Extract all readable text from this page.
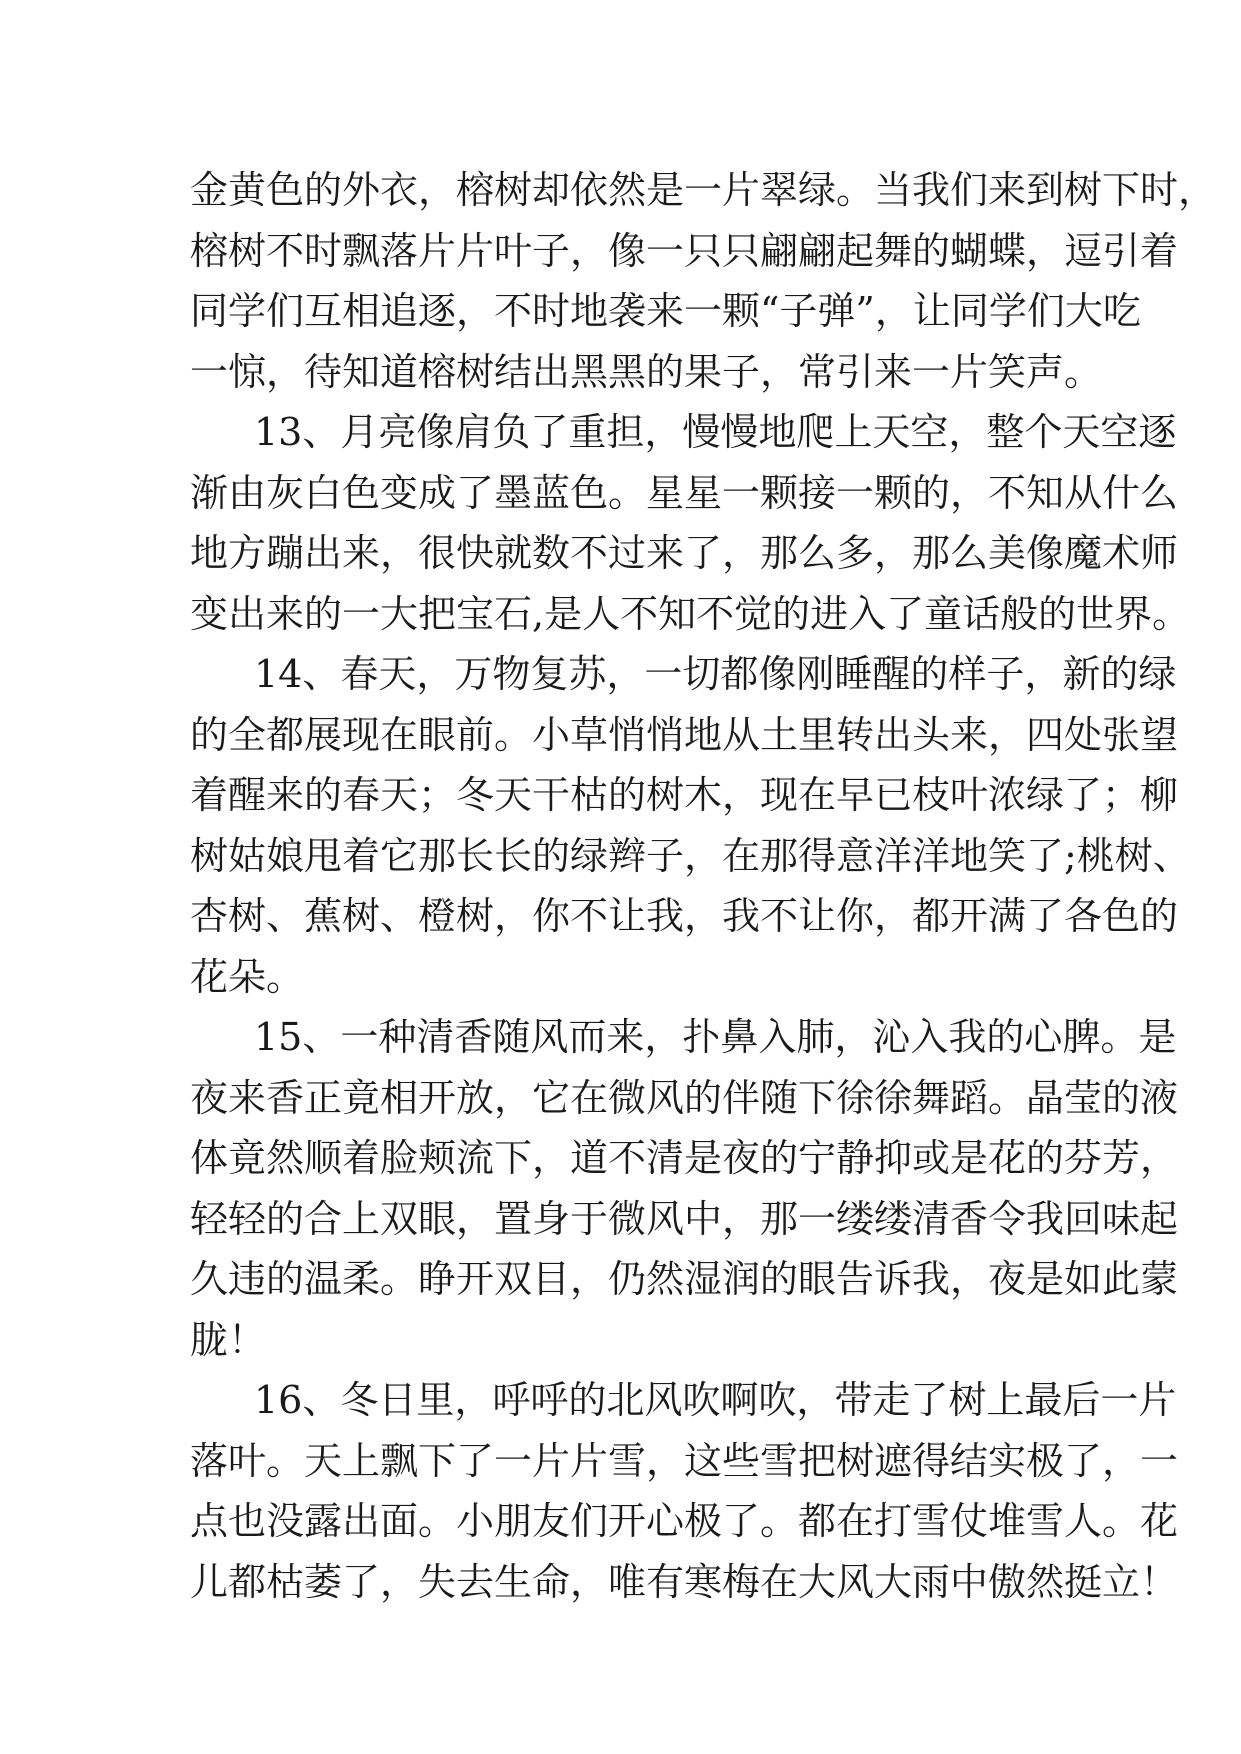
金黄色的外衣，榕树却依然是一片翠绿。当我们来到树下时，
榕树不时飘落片片叶子，像一只只翩翩起舞的蝴蝶，逗引着
同学们互相追逐，不时地袭来一颗“子弹”，让同学们大吃
一惊，待知道榕树结出黑黑的果子，常引来一片笑声。
13、月亮像肩负了重担，慢慢地爬上天空，整个天空逐
渐由灰白色变成了墨蓝色。星星一颗接一颗的，不知从什么
地方蹦出来，很快就数不过来了，那么多，那么美像魔术师
变出来的一大把宝石,是人不知不觉的进入了童话般的世界。
14、春天，万物复苏，一切都像刚睡醒的样子，新的绿
的全都展现在眼前。小草悄悄地从土里转出头来，四处张望
着醒来的春天；冬天干枯的树木，现在早已枝叶浓绿了；柳
树姑娘甩着它那长长的绿辫子，在那得意洋洋地笑了;桃树、
杏树、蕉树、橙树，你不让我，我不让你，都开满了各色的
花朵。
15、一种清香随风而来，扑鼻入肺，沁入我的心脾。是
夜来香正竟相开放，它在微风的伴随下徐徐舞蹈。晶莹的液
体竟然顺着脸颊流下，道不清是夜的宁静抑或是花的芬芳，
轻轻的合上双眼，置身于微风中，那一缕缕清香令我回味起
久违的温柔。睁开双目，仍然湿润的眼告诉我，夜是如此蒙
胧！
16、冬日里，呼呼的北风吹啊吹，带走了树上最后一片
落叶。天上飘下了一片片雪，这些雪把树遮得结实极了，一
点也没露出面。小朋友们开心极了。都在打雪仗堆雪人。花
儿都枯萎了，失去生命，唯有寒梅在大风大雨中傲然挺立！
